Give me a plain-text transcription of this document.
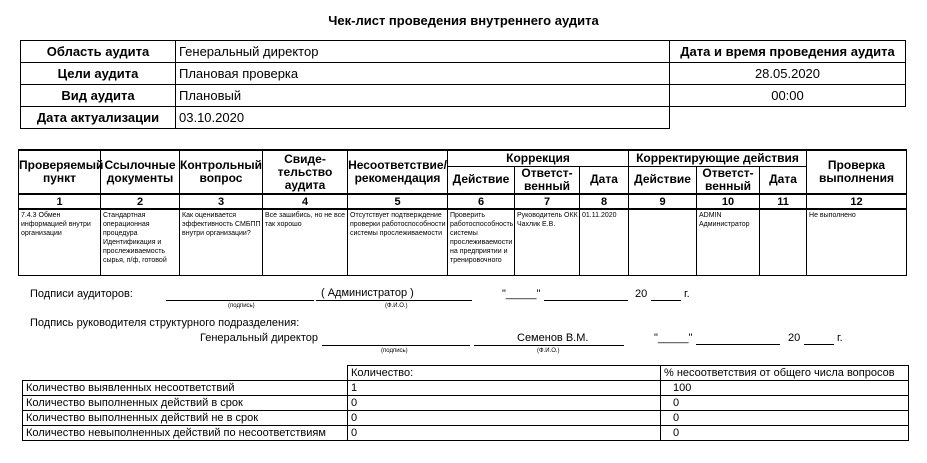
Чек-лист проведения внутреннего аудита
Область аудита	Генеральный директор	Дата и время проведения аудита
Цели аудита	Плановая проверка	28.05.2020
Вид аудита	Плановый	00:00
Дата актуализации	03.10.2020	
Проверяемый пункт	Ссылочные документы	Контрольный вопрос	Свиде-тельство аудита	Несоответствие/ рекомендация	Коррекция			Корректирующие действия			Проверка выполнения
					Действие	Ответст-венный	Дата	Действие	Ответст-венный	Дата	
1	2	3	4	5	6	7	8	9	10	11	12

7.4.3 Обмен информацией внутри организации	Стандартная операционная процедура Идентификация и прослеживаемость сырья, п/ф, готовой	Как оценивается эффективность СМБПП внутри организации?	Все зашибись, но не все так хорошо	Отсутствует подтверждение проверки работоспособности системы прослеживаемости	Проверить работоспособность системы прослеживаемости на предприятии и тренировочного	Руководитель ОКК Чахлик Е.В.	01.11.2020		ADMIN Администратор		Не выполнено
Подписи аудиторов:
(подпись)
( Администратор )
(Ф.И.О.)
"_____"	20	г.
Подпись руководителя структурного подразделения:
Генеральный директор
(подпись)
Семенов В.М.
(Ф.И.О.)
"_____"	20	г.
	Количество:	% несоответствия от общего числа вопросов
Количество выявленных несоответствий	1	100
Количество выполненных действий в срок	0	0
Количество выполненных действий не в срок	0	0
Количество невыполненных действий по несоответствиям	0	0
